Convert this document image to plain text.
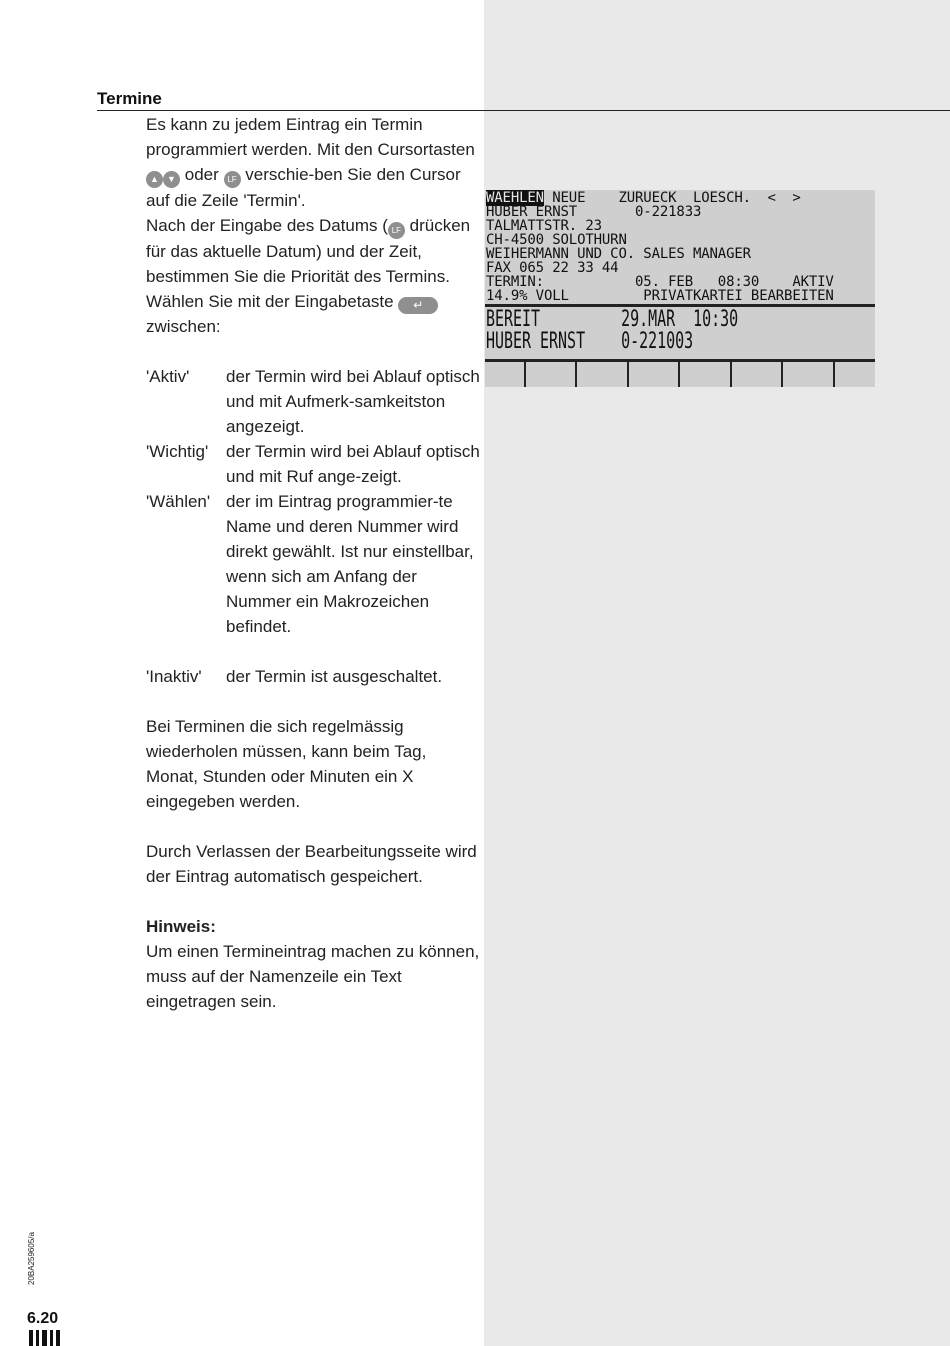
Termine

Es kann zu jedem Eintrag ein Termin programmiert werden. Mit den Cursortasten ▲ ▼ oder LF verschie-ben Sie den Cursor auf die Zeile 'Termin'.

Nach der Eingabe des Datums ( LF drücken für das aktuelle Datum) und der Zeit, bestimmen Sie die Priorität des Termins. Wählen Sie mit der Eingabetaste ↵ zwischen:

'Aktiv'	der Termin wird bei Ablauf optisch und mit Aufmerk-samkeitston angezeigt.
'Wichtig'	der Termin wird bei Ablauf optisch und mit Ruf ange-zeigt.
'Wählen' der im Eintrag programmier-te Name und deren Nummer wird direkt gewählt. Ist nur einstellbar, wenn sich am Anfang der Nummer ein Makrozeichen befindet.
'Inaktiv'	der Termin ist ausgeschaltet.

Bei Terminen die sich regelmässig wiederholen müssen, kann beim Tag, Monat, Stunden oder Minuten ein X eingegeben werden.

Durch Verlassen der Bearbeitungsseite wird der Eintrag automatisch gespeichert.

Hinweis:

Um einen Termineintrag machen zu können, muss auf der Namenzeile ein Text eingetragen sein.

WAEHLEN NEUE    ZURUECK  LOESCH.  <  >
HUBER ERNST       0-221833
TALMATTSTR. 23
CH-4500 SOLOTHURN
WEIHERMANN UND CO. SALES MANAGER
FAX 065 22 33 44
TERMIN:           05. FEB   08:30    AKTIV
14.9% VOLL         PRIVATKARTEI BEARBEITEN
BEREIT         29.MAR  10:30
HUBER ERNST    0-221003
20BA259605/a
6.20
